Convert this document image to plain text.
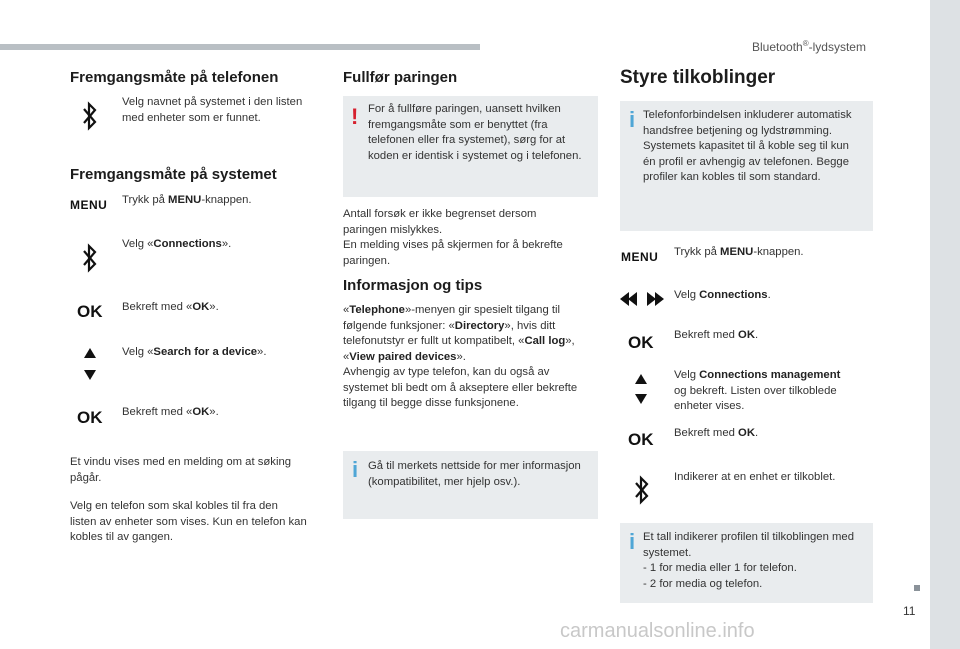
Bluetooth®-lydsystem
11
carmanualsonline.info
Fremgangsmåte på telefonen
Velg navnet på systemet i den listen
med enheter som er funnet.
Fremgangsmåte på systemet
MENU Trykk på MENU-knappen.
Velg «Connections».
OK Bekreft med «OK».
Velg «Search for a device».
OK Bekreft med «OK».
Et vindu vises med en melding om at søking
pågår.
Velg en telefon som skal kobles til fra den
listen av enheter som vises. Kun en telefon kan
kobles til av gangen.
Fullfør paringen
! For å fullføre paringen, uansett hvilken
fremgangsmåte som er benyttet (fra
telefonen eller fra systemet), sørg for at
koden er identisk i systemet og i telefonen.
Antall forsøk er ikke begrenset dersom
paringen mislykkes.
En melding vises på skjermen for å bekrefte
paringen.
Informasjon og tips
«Telephone»-menyen gir spesielt tilgang til
følgende funksjoner: «Directory», hvis ditt
telefonutstyr er fullt ut kompatibelt, «Call log»,
«View paired devices».
Avhengig av type telefon, kan du også av
systemet bli bedt om å akseptere eller bekrefte
tilgang til begge disse funksjonene.
i Gå til merkets nettside for mer informasjon
(kompatibilitet, mer hjelp osv.).
Styre tilkoblinger
i Telefonforbindelsen inkluderer automatisk
handsfree betjening og lydstrømming.
Systemets kapasitet til å koble seg til kun
én profil er avhengig av telefonen. Begge
profiler kan kobles til som standard.
MENU Trykk på MENU-knappen.
Velg Connections.
OK Bekreft med OK.
Velg Connections management
og bekreft. Listen over tilkoblede
enheter vises.
OK Bekreft med OK.
Indikerer at en enhet er tilkoblet.
i Et tall indikerer profilen til tilkoblingen med
systemet.
- 1 for media eller 1 for telefon.
- 2 for media og telefon.
